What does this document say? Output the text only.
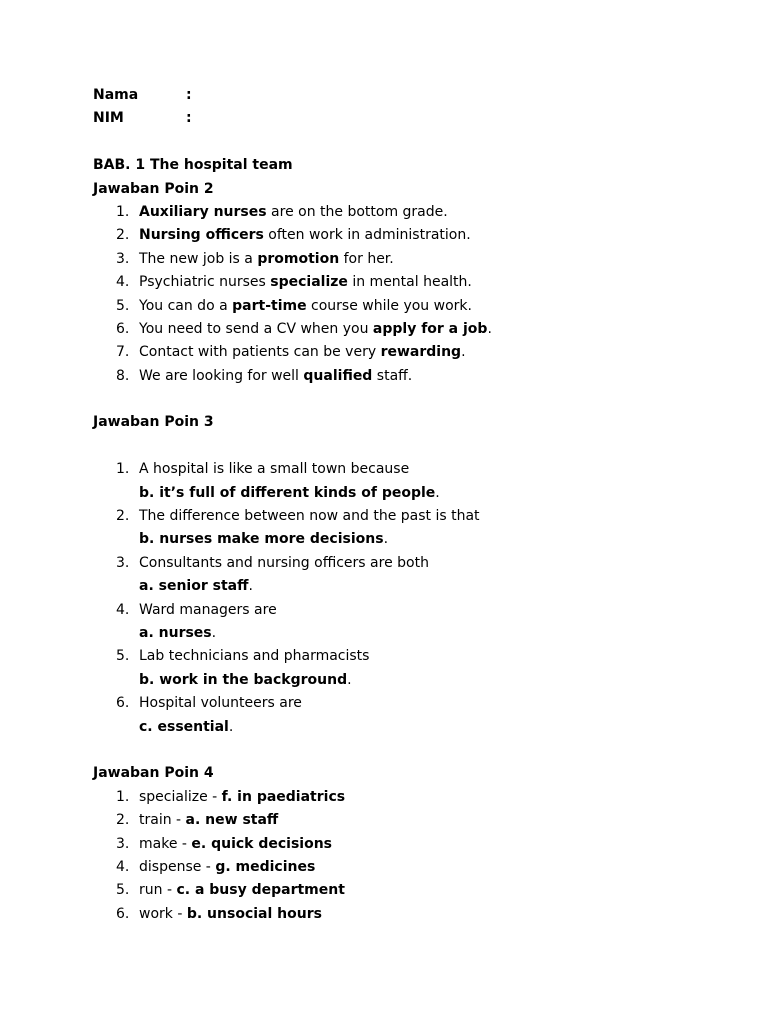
Nama	:
NIM	:
BAB. 1 The hospital team
Jawaban Poin 2
1. Auxiliary nurses are on the bottom grade.
2. Nursing officers often work in administration.
3. The new job is a promotion for her.
4. Psychiatric nurses specialize in mental health.
5. You can do a part-time course while you work.
6. You need to send a CV when you apply for a job.
7. Contact with patients can be very rewarding.
8. We are looking for well qualified staff.
Jawaban Poin 3
1. A hospital is like a small town because
b. it’s full of different kinds of people.
2. The difference between now and the past is that
b. nurses make more decisions.
3. Consultants and nursing officers are both
a. senior staff.
4. Ward managers are
a. nurses.
5. Lab technicians and pharmacists
b. work in the background.
6. Hospital volunteers are
c. essential.
Jawaban Poin 4
1. specialize - f. in paediatrics
2. train - a. new staff
3. make - e. quick decisions
4. dispense - g. medicines
5. run - c. a busy department
6. work - b. unsocial hours
